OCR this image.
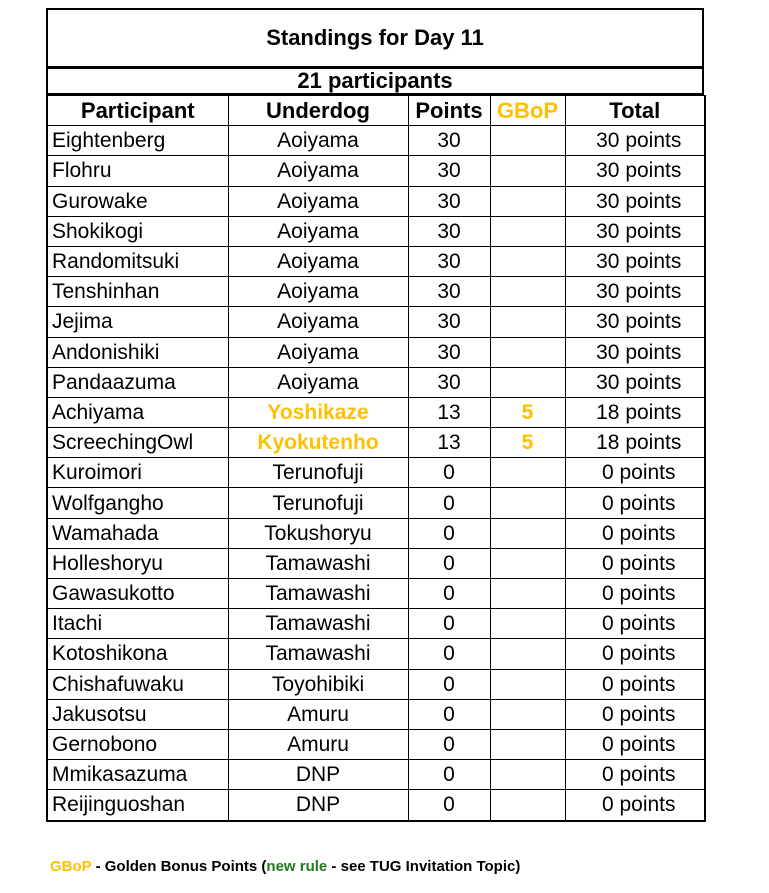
Standings for Day 11
21 participants
Participant	Underdog	Points	GBoP	Total
Eightenberg	Aoiyama	30		30 points
Flohru	Aoiyama	30		30 points
Gurowake	Aoiyama	30		30 points
Shokikogi	Aoiyama	30		30 points
Randomitsuki	Aoiyama	30		30 points
Tenshinhan	Aoiyama	30		30 points
Jejima	Aoiyama	30		30 points
Andonishiki	Aoiyama	30		30 points
Pandaazuma	Aoiyama	30		30 points
Achiyama	Yoshikaze	13	5	18 points
ScreechingOwl	Kyokutenho	13	5	18 points
Kuroimori	Terunofuji	0		0 points
Wolfgangho	Terunofuji	0		0 points
Wamahada	Tokushoryu	0		0 points
Holleshoryu	Tamawashi	0		0 points
Gawasukotto	Tamawashi	0		0 points
Itachi	Tamawashi	0		0 points
Kotoshikona	Tamawashi	0		0 points
Chishafuwaku	Toyohibiki	0		0 points
Jakusotsu	Amuru	0		0 points
Gernobono	Amuru	0		0 points
Mmikasazuma	DNP	0		0 points
Reijinguoshan	DNP	0		0 points
GBoP - Golden Bonus Points (new rule - see TUG Invitation Topic)
